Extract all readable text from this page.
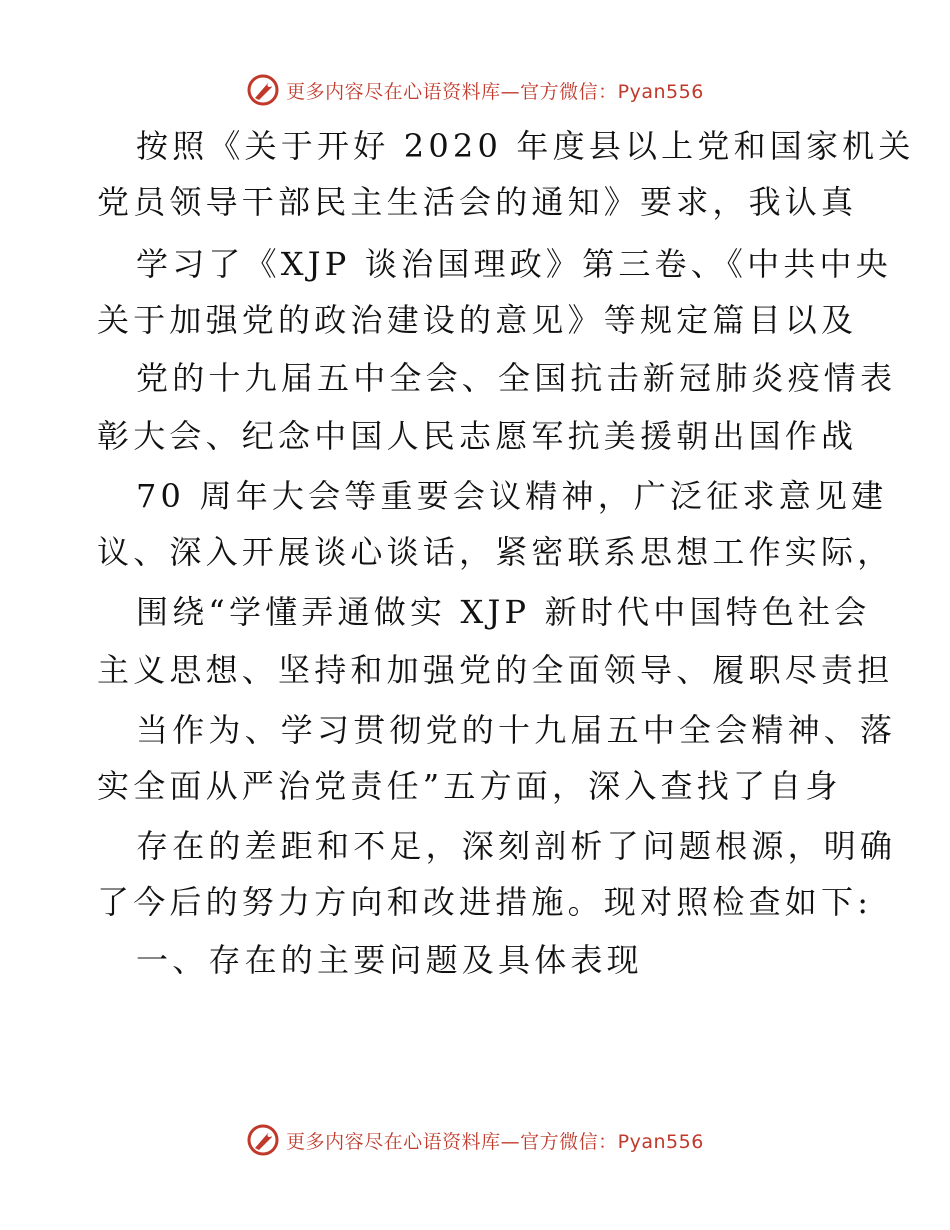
更多内容尽在心语资料库—官方微信：Pyan556
按照《关于开好 2020 年度县以上党和国家机关
党员领导干部民主生活会的通知》要求，我认真
学习了《XJP 谈治国理政》第三卷、《中共中央
关于加强党的政治建设的意见》等规定篇目以及
党的十九届五中全会、全国抗击新冠肺炎疫情表
彰大会、纪念中国人民志愿军抗美援朝出国作战
70 周年大会等重要会议精神，广泛征求意见建
议、深入开展谈心谈话，紧密联系思想工作实际，
围绕“学懂弄通做实 XJP 新时代中国特色社会
主义思想、坚持和加强党的全面领导、履职尽责担
当作为、学习贯彻党的十九届五中全会精神、落
实全面从严治党责任”五方面，深入查找了自身
存在的差距和不足，深刻剖析了问题根源，明确
了今后的努力方向和改进措施。现对照检查如下:
一、存在的主要问题及具体表现
更多内容尽在心语资料库—官方微信：Pyan556
